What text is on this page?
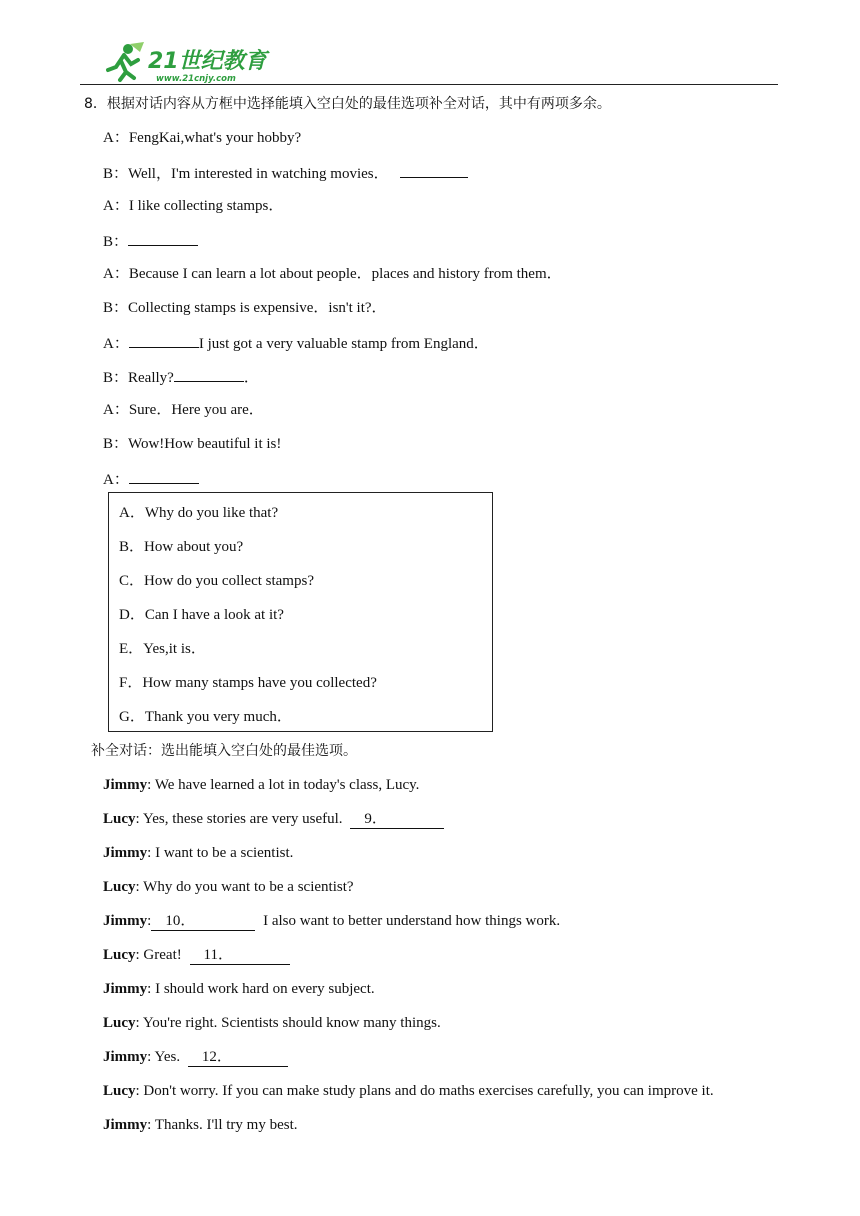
21世纪教育
www.21cnjy.com
8．根据对话内容从方框中选择能填入空白处的最佳选项补全对话，其中有两项多余。
A：FengKai,what's your hobby?
B：Well，I'm interested in watching movies．
A：I like collecting stamps．
B：
A：Because I can learn a lot about people．places and history from them．
B：Collecting stamps is expensive．isn't it?．
A：	I just got a very valuable stamp from England．
B：Really?	．
A：Sure．Here you are．
B：Wow!How beautiful it is!
A：
A．Why do you like that?
B．How about you?
C．How do you collect stamps?
D．Can I have a look at it?
E．Yes,it is．
F．How many stamps have you collected?
G．Thank you very much．
补全对话：选出能填入空白处的最佳选项。
Jimmy: We have learned a lot in today's class, Lucy.
Lucy: Yes, these stories are very useful. 9．
Jimmy: I want to be a scientist.
Lucy: Why do you want to be a scientist?
Jimmy: 10．	I also want to better understand how things work.
Lucy: Great! 11．
Jimmy: I should work hard on every subject.
Lucy: You're right. Scientists should know many things.
Jimmy: Yes. 12．
Lucy: Don't worry. If you can make study plans and do maths exercises carefully, you can improve it.
Jimmy: Thanks. I'll try my best.
